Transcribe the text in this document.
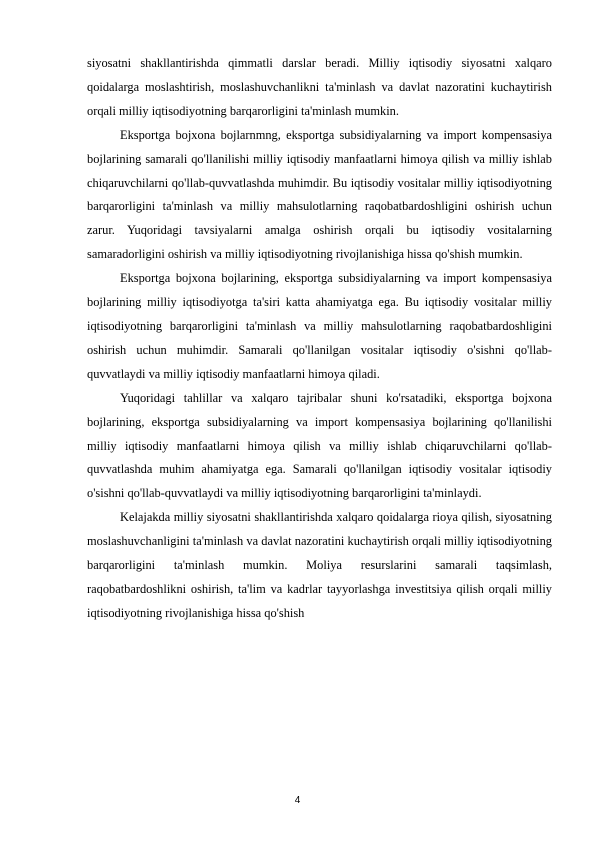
siyosatni shakllantirishda qimmatli darslar beradi. Milliy iqtisodiy siyosatni xalqaro qoidalarga moslashtirish, moslashuvchanlikni ta'minlash va davlat nazoratini kuchaytirish orqali milliy iqtisodiyotning barqarorligini ta'minlash mumkin.

Eksportga bojxona bojlarnmng, eksportga subsidiyalarning va import kompensasiya bojlarining samarali qo'llanilishi milliy iqtisodiy manfaatlarni himoya qilish va milliy ishlab chiqaruvchilarni qo'llab-quvvatlashda muhimdir. Bu iqtisodiy vositalar milliy iqtisodiyotning barqarorligini ta'minlash va milliy mahsulotlarning raqobatbardoshligini oshirish uchun zarur. Yuqoridagi tavsiyalarni amalga oshirish orqali bu iqtisodiy vositalarning samaradorligini oshirish va milliy iqtisodiyotning rivojlanishiga hissa qo'shish mumkin.

Eksportga bojxona bojlarining, eksportga subsidiyalarning va import kompensasiya bojlarining milliy iqtisodiyotga ta'siri katta ahamiyatga ega. Bu iqtisodiy vositalar milliy iqtisodiyotning barqarorligini ta'minlash va milliy mahsulotlarning raqobatbardoshligini oshirish uchun muhimdir. Samarali qo'llanilgan vositalar iqtisodiy o'sishni qo'llab-quvvatlaydi va milliy iqtisodiy manfaatlarni himoya qiladi.

Yuqoridagi tahlillar va xalqaro tajribalar shuni ko'rsatadiki, eksportga bojxona bojlarining, eksportga subsidiyalarning va import kompensasiya bojlarining qo'llanilishi milliy iqtisodiy manfaatlarni himoya qilish va milliy ishlab chiqaruvchilarni qo'llab-quvvatlashda muhim ahamiyatga ega. Samarali qo'llanilgan iqtisodiy vositalar iqtisodiy o'sishni qo'llab-quvvatlaydi va milliy iqtisodiyotning barqarorligini ta'minlaydi.

Kelajakda milliy siyosatni shakllantirishda xalqaro qoidalarga rioya qilish, siyosatning moslashuvchanligini ta'minlash va davlat nazoratini kuchaytirish orqali milliy iqtisodiyotning barqarorligini ta'minlash mumkin. Moliya resurslarini samarali taqsimlash, raqobatbardoshlikni oshirish, ta'lim va kadrlar tayyorlashga investitsiya qilish orqali milliy iqtisodiyotning rivojlanishiga hissa qo'shish

4
